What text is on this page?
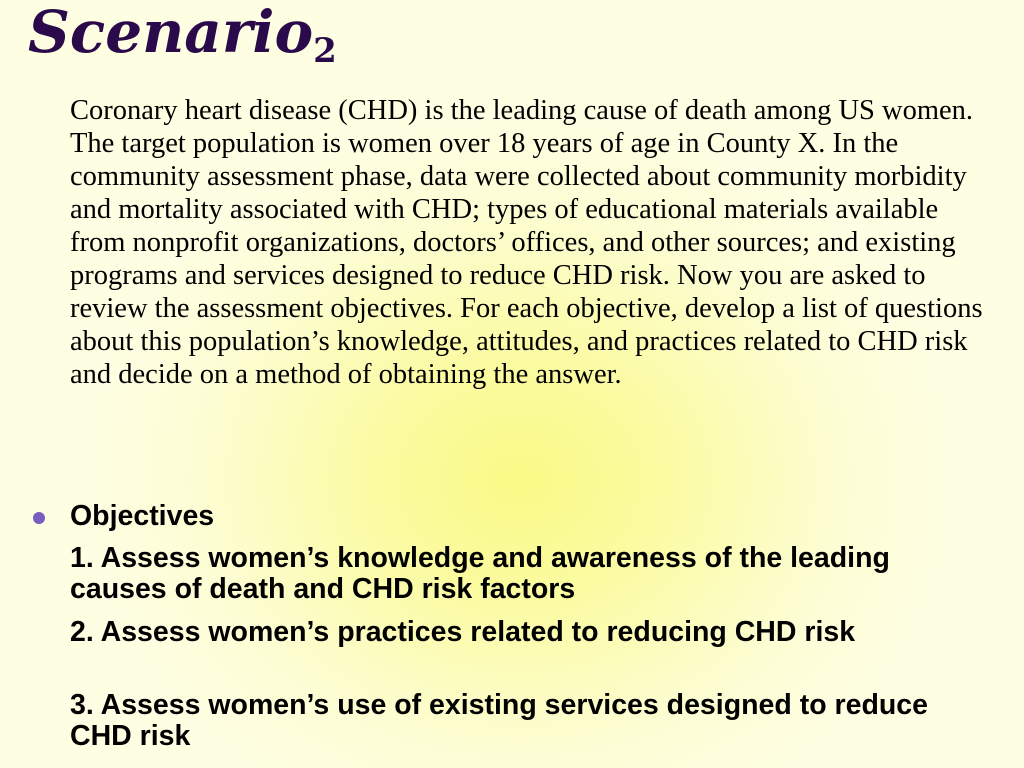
Scenario$_2$

Coronary heart disease (CHD) is the leading cause of death among US women. The target population is women over 18 years of age in County X. In the community assessment phase, data were collected about community morbidity and mortality associated with CHD; types of educational materials available from nonprofit organizations, doctors’ offices, and other sources; and existing programs and services designed to reduce CHD risk. Now you are asked to review the assessment objectives. For each objective, develop a list of questions about this population’s knowledge, attitudes, and practices related to CHD risk and decide on a method of obtaining the answer.

Objectives

1. Assess women’s knowledge and awareness of the leading causes of death and CHD risk factors

2. Assess women’s practices related to reducing CHD risk

3. Assess women’s use of existing services designed to reduce CHD risk
